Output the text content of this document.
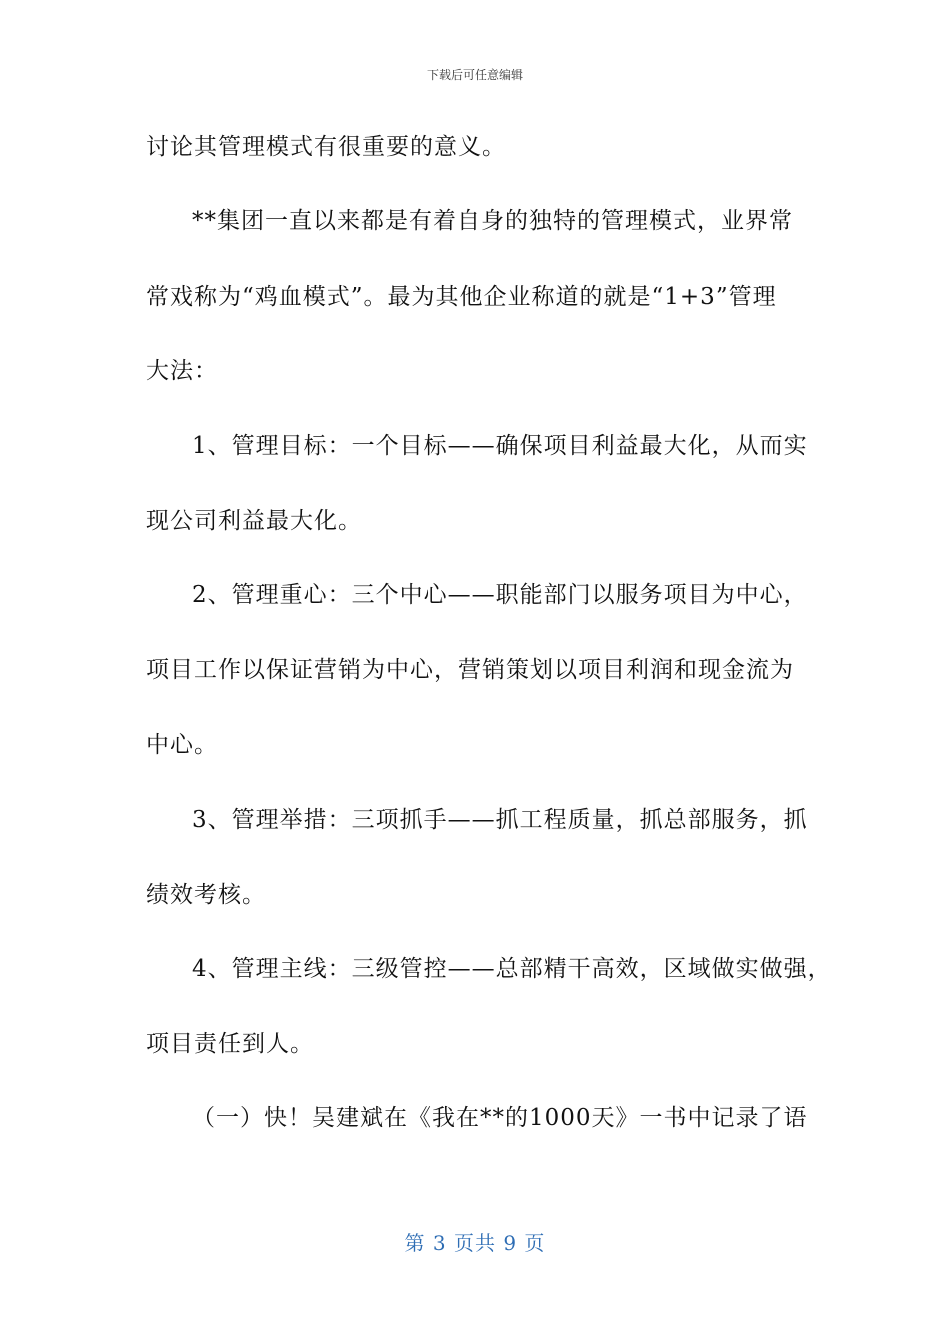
下载后可任意编辑
讨论其管理模式有很重要的意义。
**集团一直以来都是有着自身的独特的管理模式，业界常
常戏称为“鸡血模式”。最为其他企业称道的就是“1+3”管理
大法：
1、管理目标：一个目标——确保项目利益最大化，从而实
现公司利益最大化。
2、管理重心：三个中心——职能部门以服务项目为中心，
项目工作以保证营销为中心，营销策划以项目利润和现金流为
中心。
3、管理举措：三项抓手——抓工程质量，抓总部服务，抓
绩效考核。
4、管理主线：三级管控——总部精干高效，区域做实做强，
项目责任到人。
（一）快！吴建斌在《我在**的1000天》一书中记录了语
第 3 页共 9 页
